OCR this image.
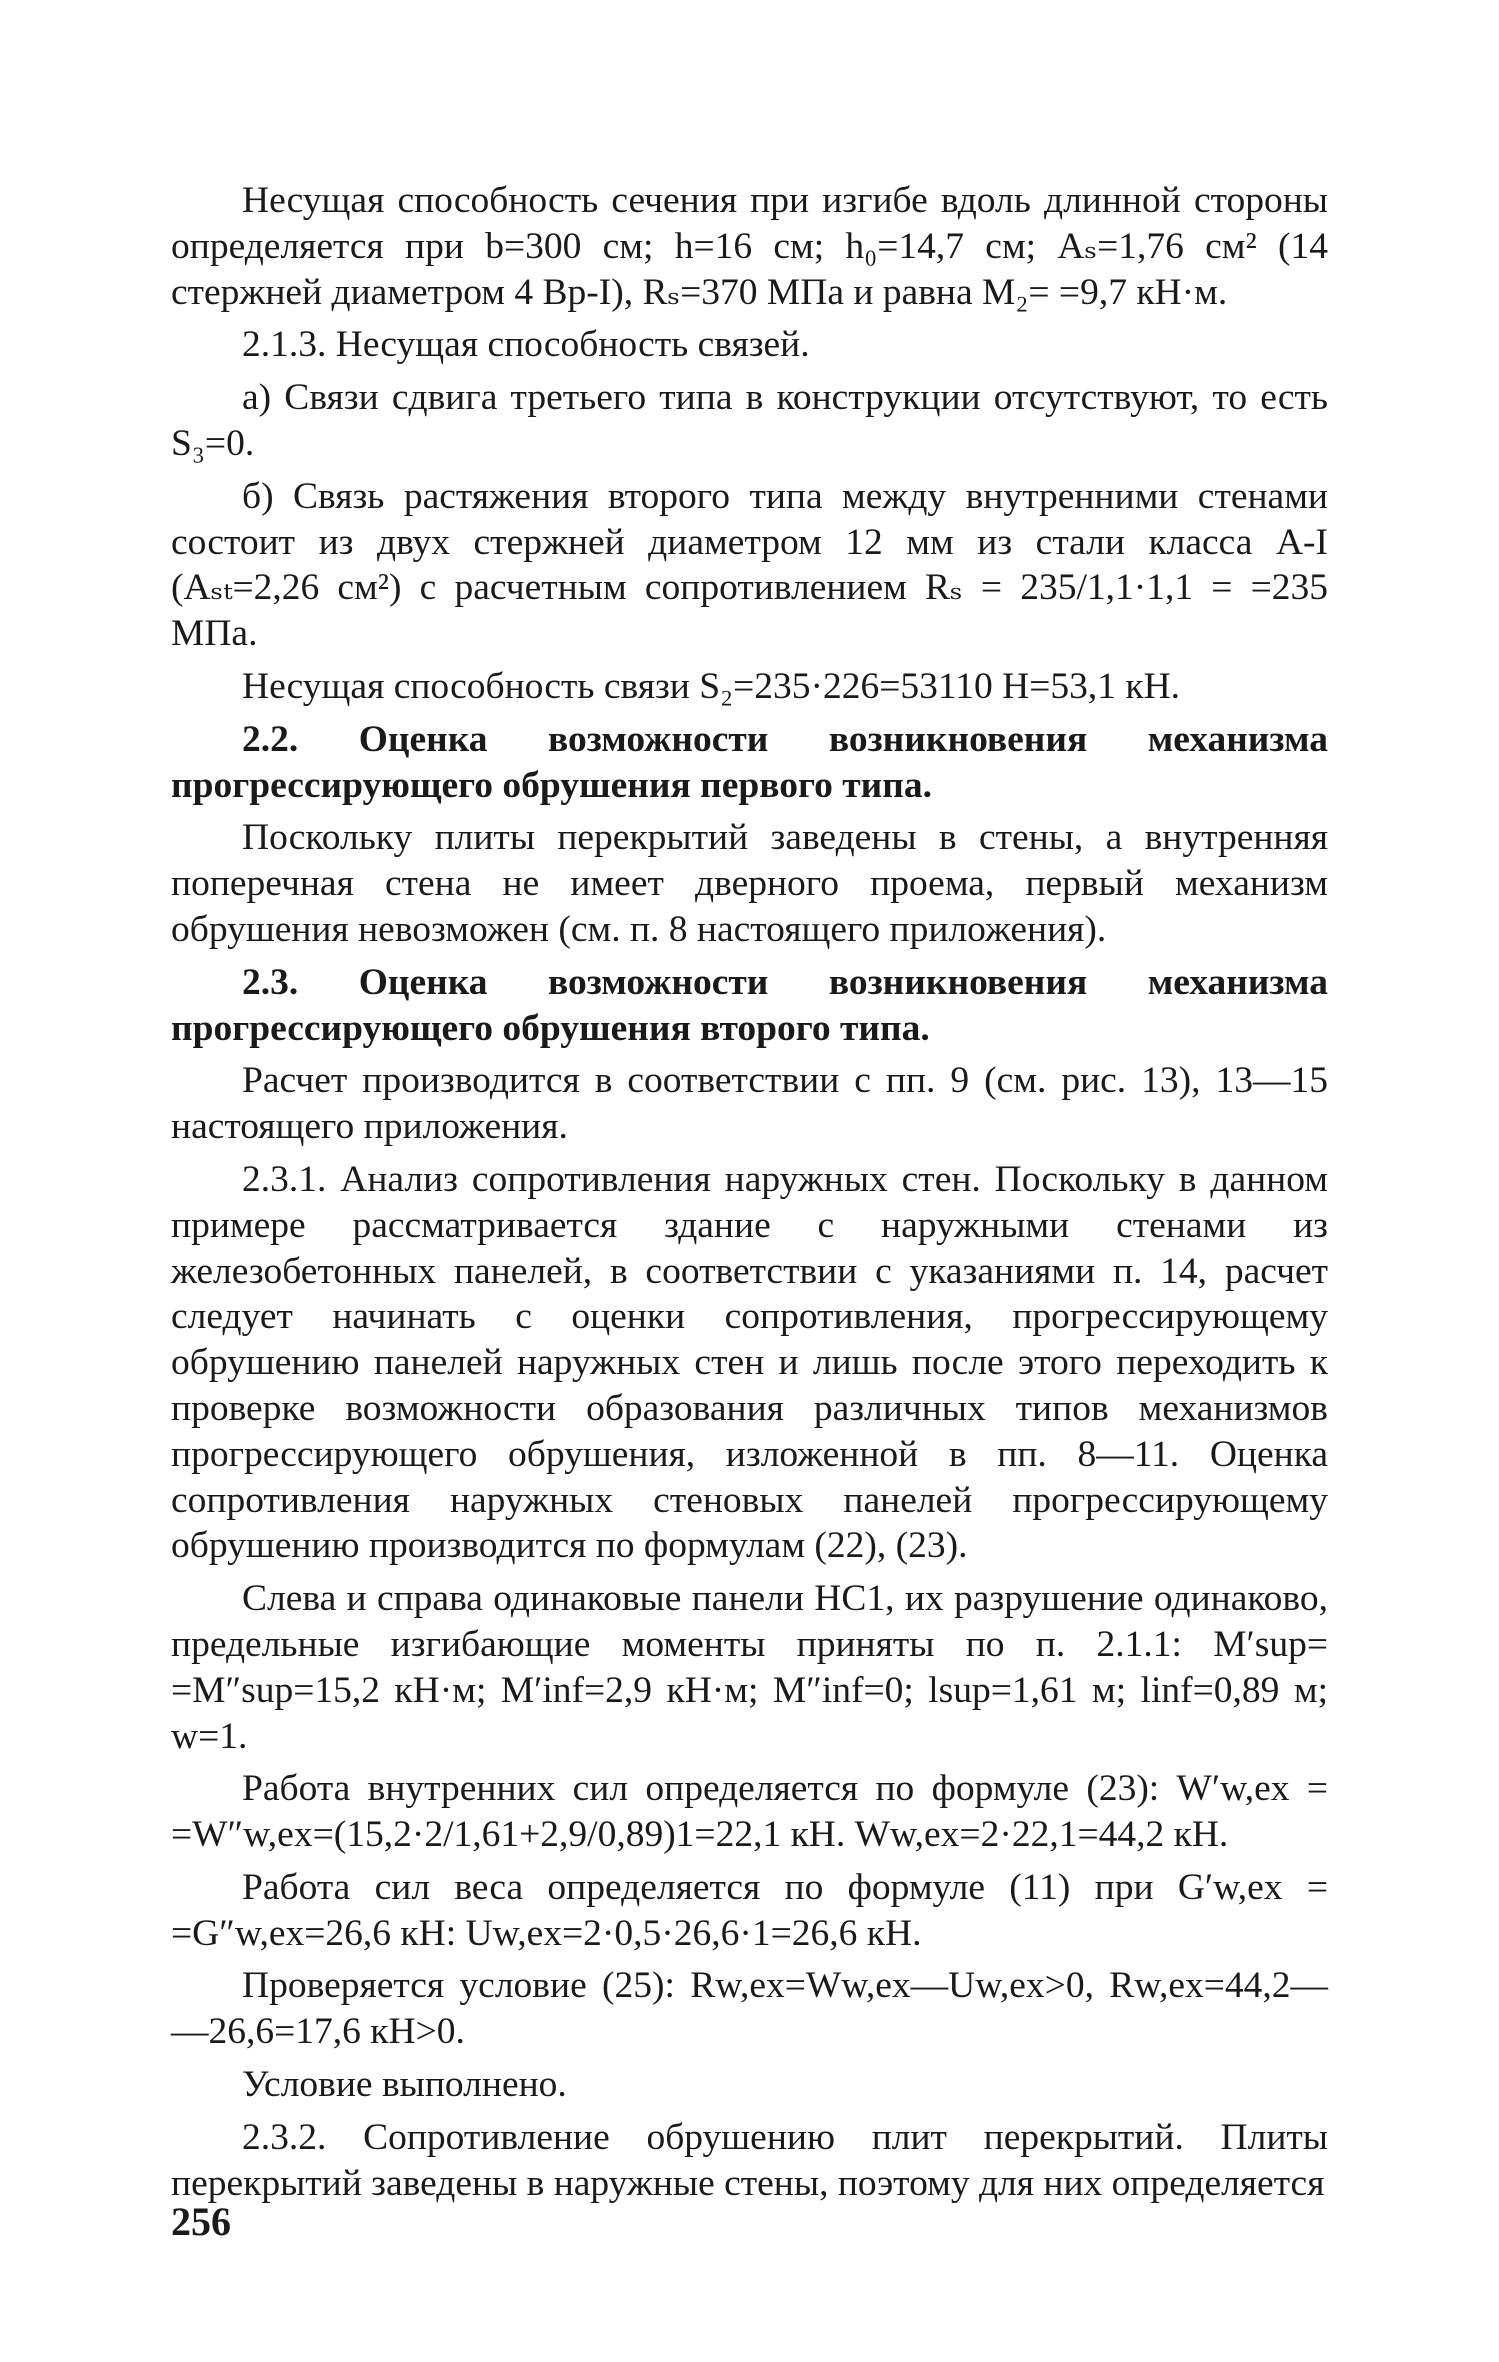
Несущая способность сечения при изгибе вдоль длинной стороны определяется при b=300 см; h=16 см; h₀=14,7 см; Aₛ=1,76 см² (14 стержней диаметром 4 Вр-I), Rₛ=370 МПа и равна M₂= =9,7 кН·м.

2.1.3. Несущая способность связей.

а) Связи сдвига третьего типа в конструкции отсутствуют, то есть S₃=0.

б) Связь растяжения второго типа между внутренними стенами состоит из двух стержней диаметром 12 мм из стали класса А-I (Aₛₜ=2,26 см²) с расчетным сопротивлением Rₛ = 235/1,1·1,1 = =235 МПа.

Несущая способность связи S₂=235·226=53110 Н=53,1 кН.

2.2. Оценка возможности возникновения механизма прогрессирующего обрушения первого типа.

Поскольку плиты перекрытий заведены в стены, а внутренняя поперечная стена не имеет дверного проема, первый механизм обрушения невозможен (см. п. 8 настоящего приложения).

2.3. Оценка возможности возникновения механизма прогрессирующего обрушения второго типа.

Расчет производится в соответствии с пп. 9 (см. рис. 13), 13—15 настоящего приложения.

2.3.1. Анализ сопротивления наружных стен. Поскольку в данном примере рассматривается здание с наружными стенами из железобетонных панелей, в соответствии с указаниями п. 14, расчет следует начинать с оценки сопротивления, прогрессирующему обрушению панелей наружных стен и лишь после этого переходить к проверке возможности образования различных типов механизмов прогрессирующего обрушения, изложенной в пп. 8—11. Оценка сопротивления наружных стеновых панелей прогрессирующему обрушению производится по формулам (22), (23).

Слева и справа одинаковые панели НС1, их разрушение одинаково, предельные изгибающие моменты приняты по п. 2.1.1: M′sup= =M″sup=15,2 кН·м; M′inf=2,9 кН·м; M″inf=0; lsup=1,61 м; linf=0,89 м; w=1.

Работа внутренних сил определяется по формуле (23): W′w,ex = =W″w,ex=(15,2·2/1,61+2,9/0,89)1=22,1 кН. Ww,ex=2·22,1=44,2 кН.

Работа сил веса определяется по формуле (11) при G′w,ex = =G″w,ex=26,6 кН: Uw,ex=2·0,5·26,6·1=26,6 кН.

Проверяется условие (25): Rw,ex=Ww,ex—Uw,ex>0, Rw,ex=44,2— —26,6=17,6 кН>0.

Условие выполнено.

2.3.2. Сопротивление обрушению плит перекрытий. Плиты перекрытий заведены в наружные стены, поэтому для них определяется

256
